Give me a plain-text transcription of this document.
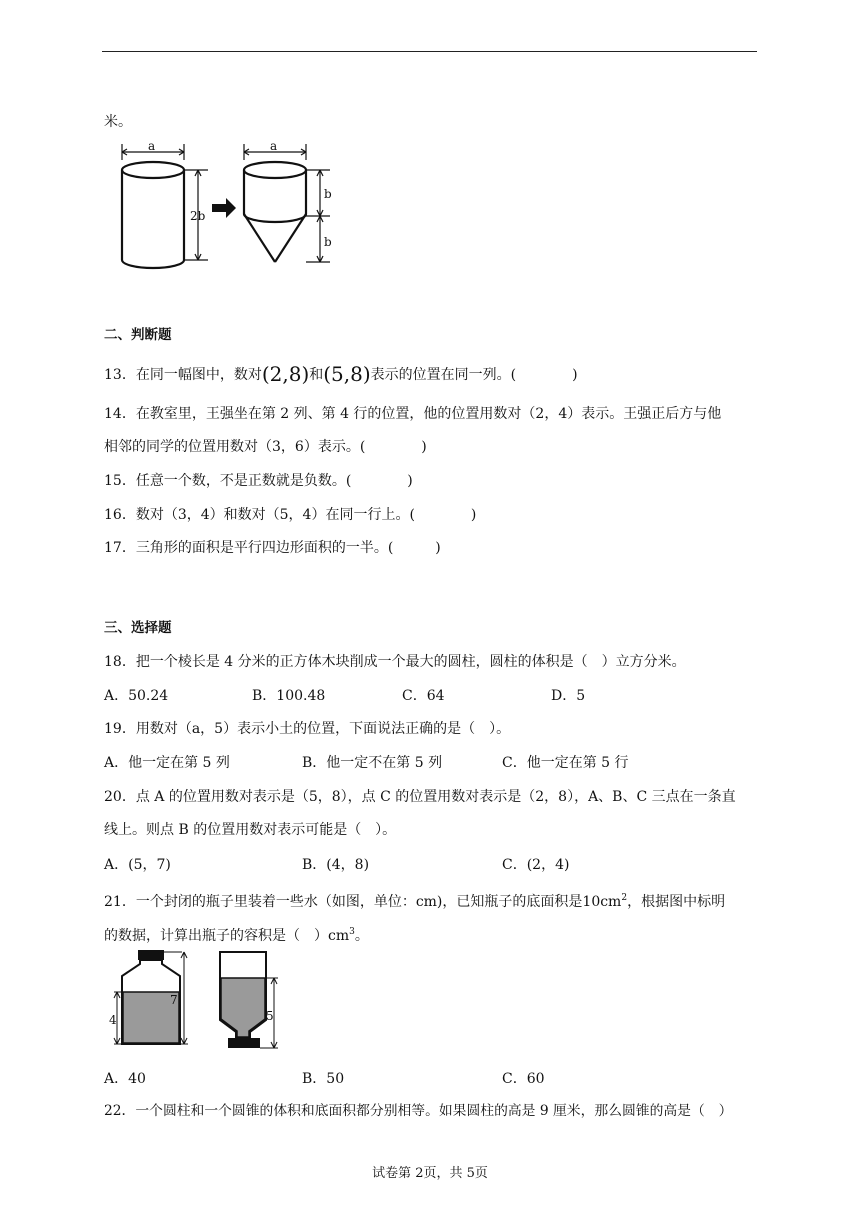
米。
a
2b
a
b
b
二、判断题
13．在同一幅图中，数对(2,8)和(5,8)表示的位置在同一列。(　　　　)
14．在教室里，王强坐在第 2 列、第 4 行的位置，他的位置用数对（2，4）表示。王强正后方与他
相邻的同学的位置用数对（3，6）表示。(　　　　)
15．任意一个数，不是正数就是负数。(　　　　)
16．数对（3，4）和数对（5，4）在同一行上。(　　　　)
17．三角形的面积是平行四边形面积的一半。(　　　)
三、选择题
18．把一个棱长是 4 分米的正方体木块削成一个最大的圆柱，圆柱的体积是（　）立方分米。
A．50.24	B．100.48	C．64	D．5
19．用数对（a，5）表示小土的位置，下面说法正确的是（　）。
A．他一定在第 5 列	B．他一定不在第 5 列	C．他一定在第 5 行
20．点 A 的位置用数对表示是（5，8），点 C 的位置用数对表示是（2，8），A、B、C 三点在一条直
线上。则点 B 的位置用数对表示可能是（　）。
A．(5，7)	B．(4，8)	C．(2，4)
21．一个封闭的瓶子里装着一些水（如图，单位：cm)，已知瓶子的底面积是$10cm^2$，根据图中标明
的数据，计算出瓶子的容积是（　）$cm^3$。
4
7
5
A．40	B．50	C．60
22．一个圆柱和一个圆锥的体积和底面积都分别相等。如果圆柱的高是 9 厘米，那么圆锥的高是（　）
试卷第 2页，共 5页
